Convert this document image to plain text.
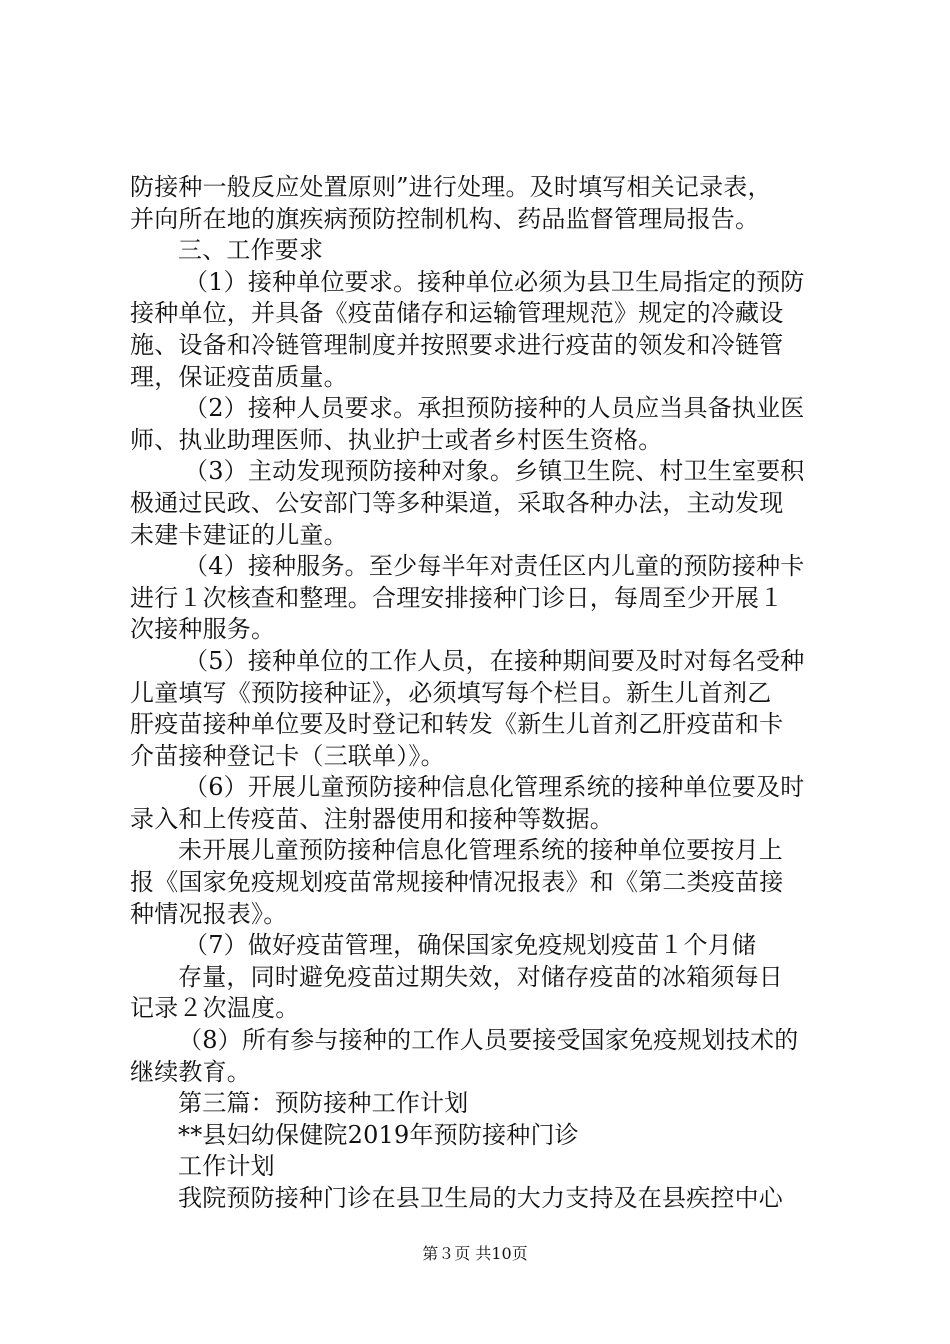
防接种一般反应处置原则”进行处理。及时填写相关记录表，
并向所在地的旗疾病预防控制机构、药品监督管理局报告。
三、工作要求
（1）接种单位要求。接种单位必须为县卫生局指定的预防
接种单位，并具备《疫苗储存和运输管理规范》规定的冷藏设
施、设备和冷链管理制度并按照要求进行疫苗的领发和冷链管
理，保证疫苗质量。
（2）接种人员要求。承担预防接种的人员应当具备执业医
师、执业助理医师、执业护士或者乡村医生资格。
（3）主动发现预防接种对象。乡镇卫生院、村卫生室要积
极通过民政、公安部门等多种渠道，采取各种办法，主动发现
未建卡建证的儿童。
（4）接种服务。至少每半年对责任区内儿童的预防接种卡
进行１次核查和整理。合理安排接种门诊日，每周至少开展１
次接种服务。
（5）接种单位的工作人员，在接种期间要及时对每名受种
儿童填写《预防接种证》，必须填写每个栏目。新生儿首剂乙
肝疫苗接种单位要及时登记和转发《新生儿首剂乙肝疫苗和卡
介苗接种登记卡（三联单）》。
（6）开展儿童预防接种信息化管理系统的接种单位要及时
录入和上传疫苗、注射器使用和接种等数据。
未开展儿童预防接种信息化管理系统的接种单位要按月上
报《国家免疫规划疫苗常规接种情况报表》和《第二类疫苗接
种情况报表》。
（7）做好疫苗管理，确保国家免疫规划疫苗１个月储
存量，同时避免疫苗过期失效，对储存疫苗的冰箱须每日
记录２次温度。
（8）所有参与接种的工作人员要接受国家免疫规划技术的
继续教育。
第三篇：预防接种工作计划
**县妇幼保健院2019年预防接种门诊
工作计划
我院预防接种门诊在县卫生局的大力支持及在县疾控中心
第３页 共10页
